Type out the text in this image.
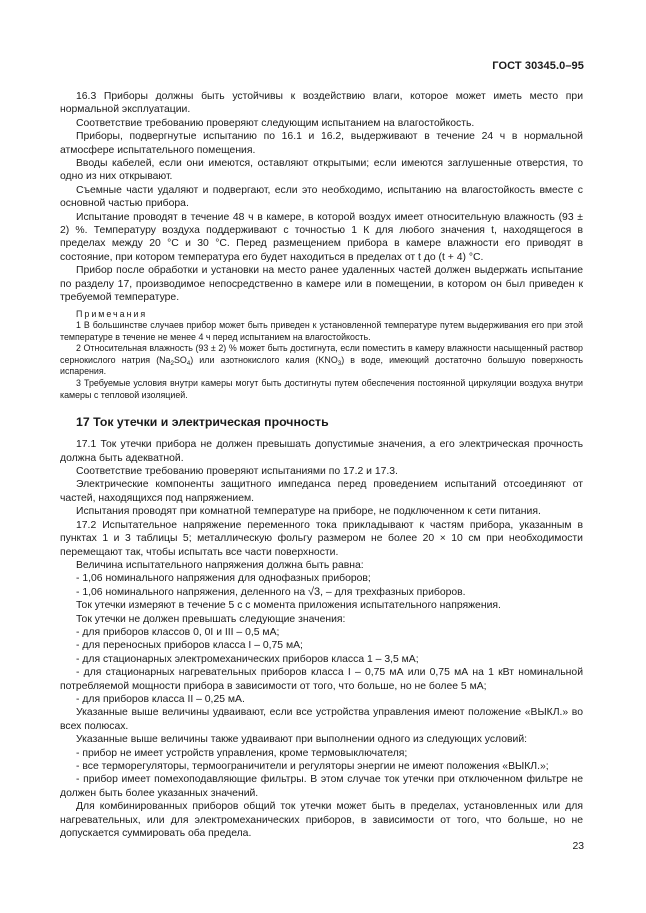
ГОСТ 30345.0–95

16.3 Приборы должны быть устойчивы к воздействию влаги, которое может иметь место при нормальной эксплуатации.

Соответствие требованию проверяют следующим испытанием на влагостойкость.

Приборы, подвергнутые испытанию по 16.1 и 16.2, выдерживают в течение 24 ч в нормальной атмосфере испытательного помещения.

Вводы кабелей, если они имеются, оставляют открытыми; если имеются заглушенные отверстия, то одно из них открывают.

Съемные части удаляют и подвергают, если это необходимо, испытанию на влагостойкость вместе с основной частью прибора.

Испытание проводят в течение 48 ч в камере, в которой воздух имеет относительную влажность (93 ± 2) %. Температуру воздуха поддерживают с точностью 1 К для любого значения t, находящегося в пределах между 20 °С и 30 °С. Перед размещением прибора в камере влажности его приводят в состояние, при котором температура его будет находиться в пределах от t до (t + 4) °С.

Прибор после обработки и установки на место ранее удаленных частей должен выдержать испытание по разделу 17, производимое непосредственно в камере или в помещении, в котором он был приведен к требуемой температуре.

Примечания

1 В большинстве случаев прибор может быть приведен к установленной температуре путем выдерживания его при этой температуре в течение не менее 4 ч перед испытанием на влагостойкость.

2 Относительная влажность (93 ± 2) % может быть достигнута, если поместить в камеру влажности насыщенный раствор сернокислого натрия $(Na_2SO_4)$ или азотнокислого калия $(KNO_3)$ в воде, имеющий достаточно большую поверхность испарения.

3 Требуемые условия внутри камеры могут быть достигнуты путем обеспечения постоянной циркуляции воздуха внутри камеры с тепловой изоляцией.

17 Ток утечки и электрическая прочность

17.1 Ток утечки прибора не должен превышать допустимые значения, а его электрическая прочность должна быть адекватной.

Соответствие требованию проверяют испытаниями по 17.2 и 17.3.

Электрические компоненты защитного импеданса перед проведением испытаний отсоединяют от частей, находящихся под напряжением.

Испытания проводят при комнатной температуре на приборе, не подключенном к сети питания.

17.2 Испытательное напряжение переменного тока прикладывают к частям прибора, указанным в пунктах 1 и 3 таблицы 5; металлическую фольгу размером не более 20 × 10 см при необходимости перемещают так, чтобы испытать все части поверхности.

Величина испытательного напряжения должна быть равна:

- 1,06 номинального напряжения для однофазных приборов;

- 1,06 номинального напряжения, деленного на √3, – для трехфазных приборов.

Ток утечки измеряют в течение 5 с с момента приложения испытательного напряжения.

Ток утечки не должен превышать следующие значения:

- для приборов классов 0, 0I и III – 0,5 мА;

- для переносных приборов класса I – 0,75 мА;

- для стационарных электромеханических приборов класса 1 – 3,5 мА;

- для стационарных нагревательных приборов класса I – 0,75 мА или 0,75 мА на 1 кВт номинальной потребляемой мощности прибора в зависимости от того, что больше, но не более 5 мА;

- для приборов класса II – 0,25 мА.

Указанные выше величины удваивают, если все устройства управления имеют положение «ВЫКЛ.» во всех полюсах.

Указанные выше величины также удваивают при выполнении одного из следующих условий:

- прибор не имеет устройств управления, кроме термовыключателя;

- все терморегуляторы, термоограничители и регуляторы энергии не имеют положения «ВЫКЛ.»;

- прибор имеет помехоподавляющие фильтры. В этом случае ток утечки при отключенном фильтре не должен быть более указанных значений.

Для комбинированных приборов общий ток утечки может быть в пределах, установленных или для нагревательных, или для электромеханических приборов, в зависимости от того, что больше, но не допускается суммировать оба предела.

23
